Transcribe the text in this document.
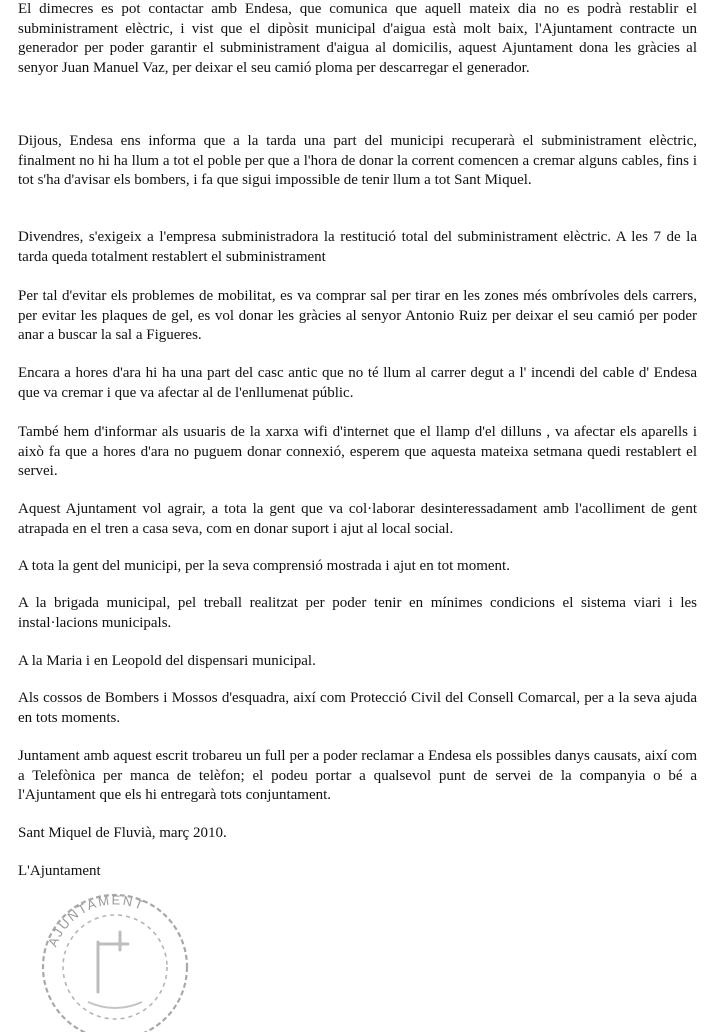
El dimecres es pot contactar amb Endesa, que comunica que aquell mateix dia no es podrà restablir el subministrament elèctric, i vist que el dipòsit municipal d'aigua està molt baix, l'Ajuntament contracte un generador per poder garantir el subministrament d'aigua al domicilis, aquest Ajuntament dona les gràcies al senyor Juan Manuel Vaz, per deixar el seu camió ploma per descarregar el generador.

Dijous, Endesa ens informa que a la tarda una part del municipi recuperarà el subministrament elèctric, finalment no hi ha llum a tot el poble per que a l'hora de donar la corrent comencen a cremar alguns cables, fins i tot s'ha d'avisar els bombers, i fa que sigui impossible de tenir llum a tot Sant Miquel.

Divendres, s'exigeix a l'empresa subministradora la restitució total del subministrament elèctric. A les 7 de la tarda queda totalment restablert el subministrament

Per tal d'evitar els problemes de mobilitat, es va comprar sal per tirar en les zones més ombrívoles dels carrers, per evitar les plaques de gel, es vol donar les gràcies al senyor Antonio Ruiz per deixar el seu camió per poder anar a buscar la sal a Figueres.

Encara a hores d'ara hi ha una part del casc antic que no té llum al carrer degut a l' incendi del cable d' Endesa que va cremar i que va afectar al de l'enllumenat públic.

També hem d'informar als usuaris de la xarxa wifi d'internet que el llamp d'el dilluns , va afectar els aparells i això fa que a hores d'ara no puguem donar connexió, esperem que aquesta mateixa setmana quedi restablert el servei.

Aquest Ajuntament vol agrair, a tota la gent que va col·laborar desinteressadament amb l'acolliment de gent atrapada en el tren a casa seva, com en donar suport i ajut al local social.

A tota la gent del municipi, per la seva comprensió mostrada i ajut en tot moment.

A la brigada municipal, pel treball realitzat per poder tenir en mínimes condicions el sistema viari i les instal·lacions municipals.

A la Maria i en Leopold del dispensari municipal.

Als cossos de Bombers i Mossos d'esquadra, així com Protecció Civil del Consell Comarcal, per a la seva ajuda en tots moments.

Juntament amb aquest escrit trobareu un full per a poder reclamar a Endesa els possibles danys causats, així com a Telefònica per manca de telèfon; el podeu portar a qualsevol punt de servei de la companyia o bé a l'Ajuntament que els hi entregarà tots conjuntament.

Sant Miquel de Fluvià, març 2010.

L'Ajuntament

AJUNTAMENT
